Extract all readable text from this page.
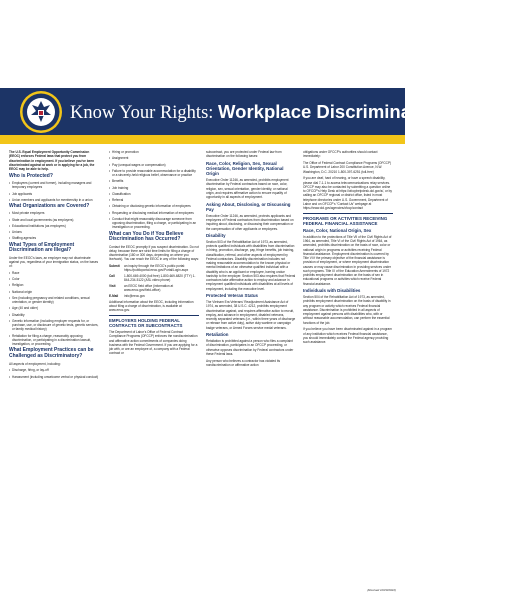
Know Your Rights: Workplace Discrimination is Illegal
The U.S. Equal Employment Opportunity Commission (EEOC) enforces Federal laws that protect you from discrimination in employment. If you believe you've been discriminated against at work or in applying for a job, the EEOC may be able to help.
Who is Protected?
• Employees (current and former), including managers and temporary employees
• Job applicants
• Union members and applicants for membership in a union
What Organizations are Covered?
• Most private employers
• State and local governments (as employers)
• Educational institutions (as employers)
• Unions
• Staffing agencies
What Types of Employment Discrimination are Illegal?
Under the EEOC's laws, an employer may not discriminate against you, regardless of your immigration status, on the bases of:
• Race
• Color
• Religion
• National origin
• Sex (including pregnancy and related conditions, sexual orientation, or gender identity)
• Age (40 and older)
• Disability
• Genetic information (including employer requests for, or purchase, use, or disclosure of genetic tests, genetic services, or family medical history)
• Retaliation for filing a charge, reasonably opposing discrimination, or participating in a discrimination lawsuit, investigation, or proceeding.
What Employment Practices can be Challenged as Discriminatory?
All aspects of employment, including:
• Discharge, firing, or lay-off
• Harassment (including unwelcome verbal or physical conduct)
• Hiring or promotion
• Assignment
• Pay (unequal wages or compensation)
• Failure to provide reasonable accommodation for a disability or a sincerely-held religious belief, observance or practice
• Benefits
• Job training
• Classification
• Referral
• Obtaining or disclosing genetic information of employees
• Requesting or disclosing medical information of employees
• Conduct that might reasonably discourage someone from opposing discrimination, filing a charge, or participating in an investigation or proceeding.
What can You Do if You Believe Discrimination has Occurred?
Contact the EEOC promptly if you suspect discrimination. Do not delay, because there are strict time limits for filing a charge of discrimination (180 or 300 days, depending on where you live/work). You can reach the EEOC in any of the following ways:
Submit	an inquiry through the EEOC's public portal: https://publicportal.eeoc.gov/Portal/Login.aspx
Call	1-800-669-4000 (toll free) 1-800-669-6820 (TTY) 1-844-234-5122 (ASL video phone)
Visit	an EEOC field office (information at www.eeoc.gov/field-office)
E-Mail	info@eeoc.gov
Additional information about the EEOC, including information about filing a charge of discrimination, is available at www.eeoc.gov.
EMPLOYERS HOLDING FEDERAL CONTRACTS OR SUBCONTRACTS
The Department of Labor's Office of Federal Contract Compliance Programs (OFCCP) enforces the nondiscrimination and affirmative action commitments of companies doing business with the Federal Government. If you are applying for a job with, or are an employee of, a company with a Federal contract or
subcontract, you are protected under Federal law from discrimination on the following bases:
Race, Color, Religion, Sex, Sexual Orientation, Gender Identity, National Origin
Executive Order 11246, as amended, prohibits employment discrimination by Federal contractors based on race, color, religion, sex, sexual orientation, gender identity, or national origin, and requires affirmative action to ensure equality of opportunity in all aspects of employment.
Asking About, Disclosing, or Discussing Pay
Executive Order 11246, as amended, protects applicants and employees of Federal contractors from discrimination based on inquiring about, disclosing, or discussing their compensation or the compensation of other applicants or employees.
Disability
Section 503 of the Rehabilitation Act of 1973, as amended, protects qualified individuals with disabilities from discrimination in hiring, promotion, discharge, pay, fringe benefits, job training, classification, referral, and other aspects of employment by Federal contractors. Disability discrimination includes not making reasonable accommodation to the known physical or mental limitations of an otherwise qualified individual with a disability who is an applicant or employee, barring undue hardship to the employer. Section 503 also requires that Federal contractors take affirmative action to employ and advance in employment qualified individuals with disabilities at all levels of employment, including the executive level.
Protected Veteran Status
The Vietnam Era Veterans' Readjustment Assistance Act of 1974, as amended, 38 U.S.C. 4212, prohibits employment discrimination against, and requires affirmative action to recruit, employ, and advance in employment, disabled veterans, recently separated veterans (i.e., within three years of discharge or release from active duty), active duty wartime or campaign badge veterans, or Armed Forces service medal veterans.
Retaliation
Retaliation is prohibited against a person who files a complaint of discrimination, participates in an OFCCP proceeding, or otherwise opposes discrimination by Federal contractors under these Federal laws.
Any person who believes a contractor has violated its nondiscrimination or affirmative action
obligations under OFCCP's authorities should contact immediately:
The Office of Federal Contract Compliance Programs (OFCCP) U.S. Department of Labor 200 Constitution Avenue, N.W. Washington, D.C. 20210 1-800-397-6251 (toll-free)
If you are deaf, hard of hearing, or have a speech disability, please dial 7-1-1 to access telecommunications relay services. OFCCP may also be contacted by submitting a question online to OFCCP's Help Desk at https://ofccphelpdesk.dol.gov/s/, or by calling an OFCCP regional or district office, listed in most telephone directories under U.S. Government, Department of Labor and on OFCCP's "Contact Us" webpage at https://www.dol.gov/agencies/ofccp/contact
PROGRAMS OR ACTIVITIES RECEIVING FEDERAL FINANCIAL ASSISTANCE
Race, Color, National Origin, Sex
In addition to the protections of Title VII of the Civil Rights Act of 1964, as amended, Title VI of the Civil Rights Act of 1964, as amended, prohibits discrimination on the basis of race, color or national origin in programs or activities receiving Federal financial assistance. Employment discrimination is covered by Title VI if the primary objective of the financial assistance is provision of employment, or where employment discrimination causes or may cause discrimination in providing services under such programs. Title IX of the Education Amendments of 1972 prohibits employment discrimination on the basis of sex in educational programs or activities which receive Federal financial assistance.
Individuals with Disabilities
Section 504 of the Rehabilitation Act of 1973, as amended, prohibits employment discrimination on the basis of disability in any program or activity which receives Federal financial assistance. Discrimination is prohibited in all aspects of employment against persons with disabilities who, with or without reasonable accommodation, can perform the essential functions of the job.
If you believe you have been discriminated against in a program of any institution which receives Federal financial assistance, you should immediately contact the Federal agency providing such assistance.
(Revised 10/20/2022)
